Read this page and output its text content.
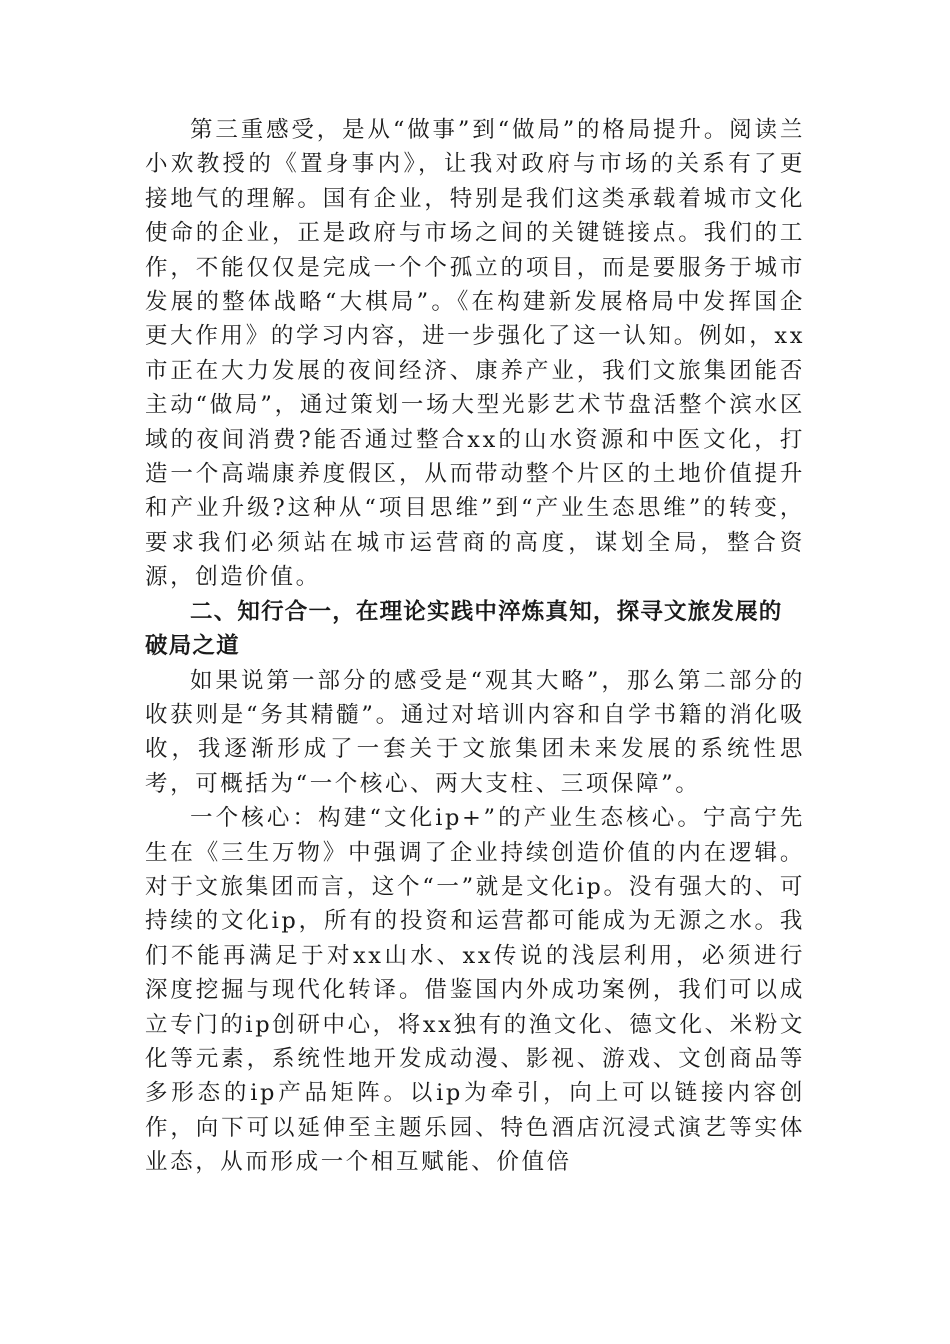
第三重感受，是从“做事”到“做局”的格局提升。阅读兰小欢教授的《置身事内》，让我对政府与市场的关系有了更接地气的理解。国有企业，特别是我们这类承载着城市文化使命的企业，正是政府与市场之间的关键链接点。我们的工作，不能仅仅是完成一个个孤立的项目，而是要服务于城市发展的整体战略“大棋局”。《在构建新发展格局中发挥国企更大作用》的学习内容，进一步强化了这一认知。例如，xx市正在大力发展的夜间经济、康养产业，我们文旅集团能否主动“做局”，通过策划一场大型光影艺术节盘活整个滨水区域的夜间消费?能否通过整合xx的山水资源和中医文化，打造一个高端康养度假区，从而带动整个片区的土地价值提升和产业升级?这种从“项目思维”到“产业生态思维”的转变，要求我们必须站在城市运营商的高度，谋划全局，整合资源，创造价值。

二、知行合一，在理论实践中淬炼真知，探寻文旅发展的破局之道

如果说第一部分的感受是“观其大略”，那么第二部分的收获则是“务其精髓”。通过对培训内容和自学书籍的消化吸收，我逐渐形成了一套关于文旅集团未来发展的系统性思考，可概括为“一个核心、两大支柱、三项保障”。

一个核心：构建“文化ip+”的产业生态核心。宁高宁先生在《三生万物》中强调了企业持续创造价值的内在逻辑。对于文旅集团而言，这个“一”就是文化ip。没有强大的、可持续的文化ip，所有的投资和运营都可能成为无源之水。我们不能再满足于对xx山水、xx传说的浅层利用，必须进行深度挖掘与现代化转译。借鉴国内外成功案例，我们可以成立专门的ip创研中心，将xx独有的渔文化、德文化、米粉文化等元素，系统性地开发成动漫、影视、游戏、文创商品等多形态的ip产品矩阵。以ip为牵引，向上可以链接内容创作，向下可以延伸至主题乐园、特色酒店沉浸式演艺等实体业态，从而形成一个相互赋能、价值倍
